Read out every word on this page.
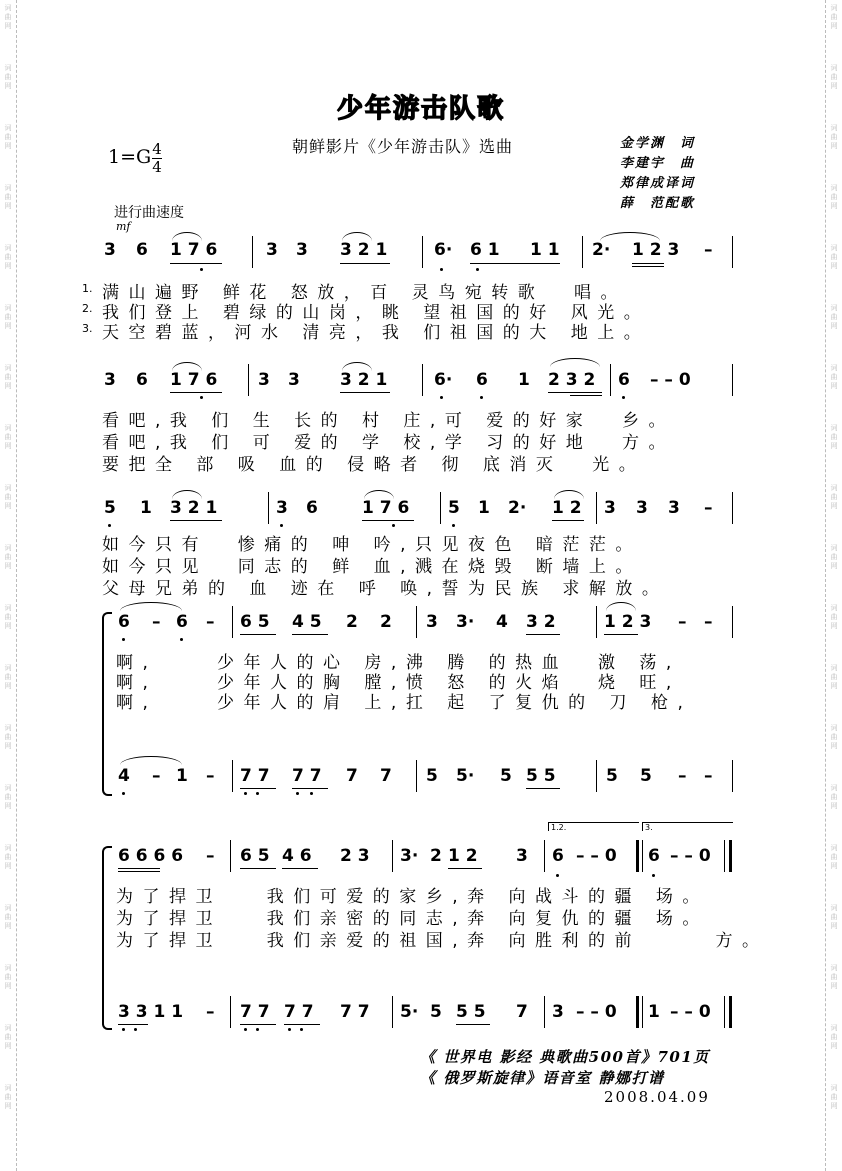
词
曲
网
词
曲
网
词
曲
网
词
曲
网
词
曲
网
词
曲
网
词
曲
网
词
曲
网
词
曲
网
词
曲
网
词
曲
网
词
曲
网
词
曲
网
词
曲
网
词
曲
网
词
曲
网
词
曲
网
词
曲
网
词
曲
网
词
曲
网
词
曲
网
词
曲
网
词
曲
网
词
曲
网
词
曲
网
词
曲
网
词
曲
网
词
曲
网
词
曲
网
词
曲
网
词
曲
网
词
曲
网
词
曲
网
词
曲
网
词
曲
网
词
曲
网
词
曲
网
词
曲
网
少年游击队歌
朝鲜影片《少年游击队》选曲	金学渊　词
李建宇　曲
郑律成译词
薛　范配歌
1=G 4
4
进行曲速度
mf
3 6 1 7 6	3 3 3 2 1	6· 6 1 1 1 2· 1 2 3 –
1.
2.
3.
满山遍野 鲜花 怒放，百 灵鸟宛转歌  唱。
我们登上 碧绿的山岗，眺 望祖国的好 风光。
天空碧蓝，河水 清亮，我 们祖国的大 地上。
3 6 1 7 6 3 3 3 2 1	6· 6 1 2 3 2 6 – – 0
看吧,我 们 生 长的 村 庄,可 爱的好家  乡。
看吧,我 们 可 爱的 学 校,学 习的好地  方。
要把全 部 吸 血的 侵略者 彻 底消灭  光。
5 1 3 2 1	3 6	1 7 6 5 1 2· 1 2 3 3 3 –
如今只有  惨痛的 呻 吟,只见夜色 暗茫茫。
如今只见  同志的 鲜 血,溅在烧毁 断墙上。
父母兄弟的 血 迹在 呼 唤,誓为民族 求解放。
6 – 6 – 6 5 4 5 2 2 3 3· 4 3 2	1 2 3 – –
啊,    少年人的心 房,沸 腾 的热血  激 荡,
啊,    少年人的胸 膛,愤 怒 的火焰  烧 旺,
啊,    少年人的肩 上,扛 起 了复仇的 刀 枪,
4 – 1 – 7 7 7 7 7 7 5 5· 5 5 5	5 5 – –
1.2.	3.
6 6 6 6 – 6 5 4 6 2 3 3· 2 1 2 3 6 – – 0 6 – – 0
为了捍卫   我们可爱的家乡,奔 向战斗的疆 场。
为了捍卫   我们亲密的同志,奔 向复仇的疆 场。
为了捍卫   我们亲爱的祖国,奔 向胜利的前     方。
3 3 1 1 – 7 7 7 7 7 7 5· 5 5 5 7 3 – – 0 1 – – 0
《 世界电 影经 典歌曲500首》701页
《 俄罗斯旋律》语音室 静娜打谱
2008.04.09
